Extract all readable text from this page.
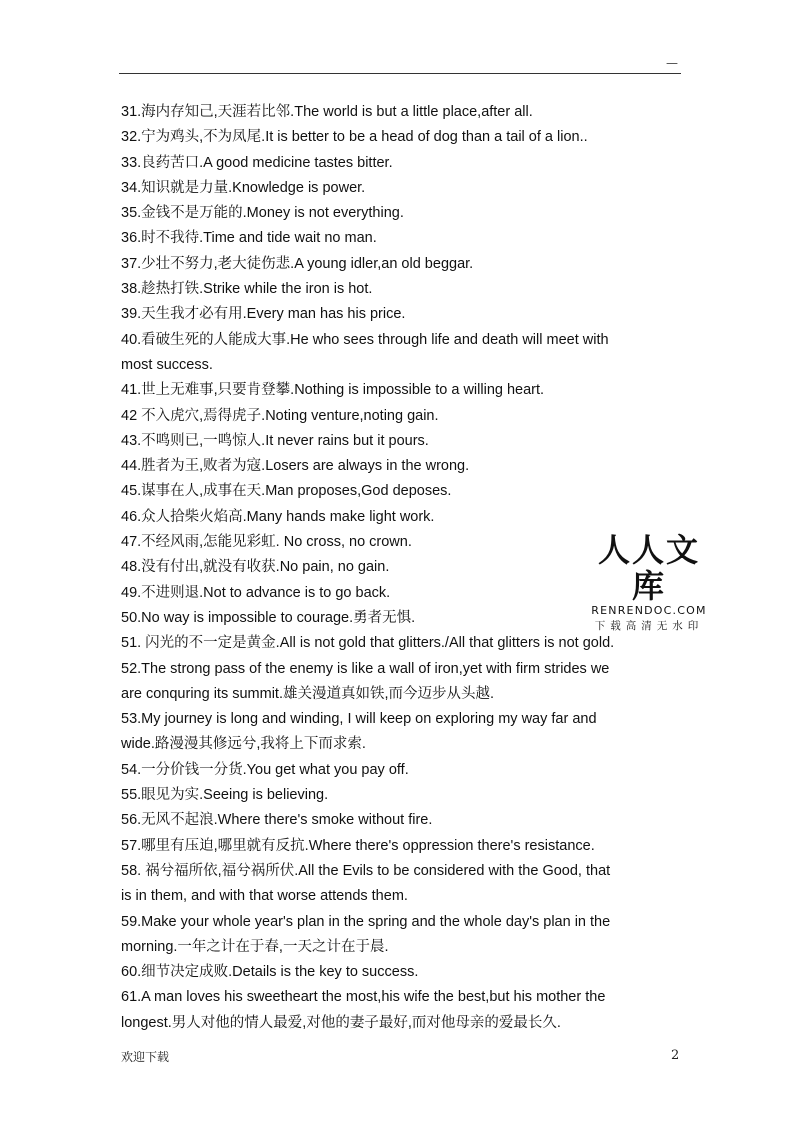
—
31.海内存知己,天涯若比邻.The world is but a little place,after all.
32.宁为鸡头,不为凤尾.It is better to be a head of dog than a tail of a lion..
33.良药苦口.A good medicine tastes bitter.
34.知识就是力量.Knowledge is power.
35.金钱不是万能的.Money is not everything.
36.时不我待.Time and tide wait no man.
37.少壮不努力,老大徒伤悲.A young idler,an old beggar.
38.趁热打铁.Strike while the iron is hot.
39.天生我才必有用.Every man has his price.
40.看破生死的人能成大事.He who sees through life and death will meet with
most success.
41.世上无难事,只要肯登攀.Nothing is impossible to a willing heart.
42 不入虎穴,焉得虎子.Noting venture,noting gain.
43.不鸣则已,一鸣惊人.It never rains but it pours.
44.胜者为王,败者为寇.Losers are always in the wrong.
45.谋事在人,成事在天.Man proposes,God deposes.
46.众人拾柴火焰高.Many hands make light work.
47.不经风雨,怎能见彩虹. No cross, no crown.
48.没有付出,就没有收获.No pain, no gain.
49.不进则退.Not to advance is to go back.
50.No way is impossible to courage.勇者无惧.
51. 闪光的不一定是黄金.All is not gold that glitters./All that glitters is not gold.
52.The strong pass of the enemy is like a wall of iron,yet with firm strides we
are conquring its summit.雄关漫道真如铁,而今迈步从头越.
53.My journey is long and winding, I will keep on exploring my way far and
wide.路漫漫其修远兮,我将上下而求索.
54.一分价钱一分货.You get what you pay off.
55.眼见为实.Seeing is believing.
56.无风不起浪.Where there's smoke without fire.
57.哪里有压迫,哪里就有反抗.Where there's oppression there's resistance.
58. 祸兮福所依,福兮祸所伏.All the Evils to be considered with the Good, that
is in them, and with that worse attends them.
59.Make your whole year's plan in the spring and the whole day's plan in the
morning.一年之计在于春,一天之计在于晨.
60.细节决定成败.Details is the key to success.
61.A man loves his sweetheart the most,his wife the best,but his mother the
longest.男人对他的情人最爱,对他的妻子最好,而对他母亲的爱最长久.
人人文库
RENRENDOC.COM
下载高清无水印
欢迎下载	2
